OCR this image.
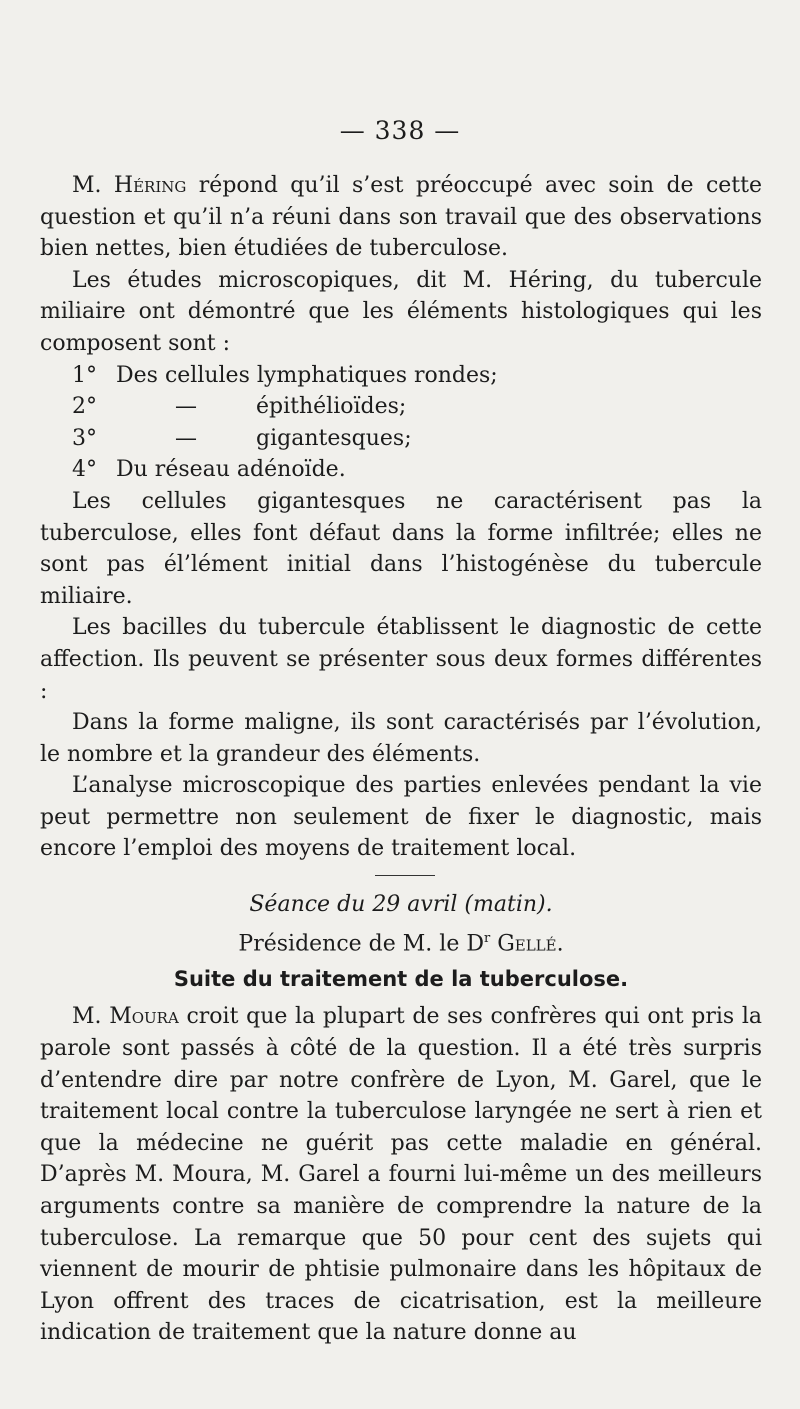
— 338 —

M. Héring répond qu’il s’est préoccupé avec soin de cette question et qu’il n’a réuni dans son travail que des observations bien nettes, bien étudiées de tuberculose.

Les études microscopiques, dit M. Héring, du tubercule miliaire ont démontré que les éléments histologiques qui les composent sont :

1° Des cellules lymphatiques rondes;
2°	—	épithélioïdes;
3°	—	gigantesques;
4° Du réseau adénoïde.

Les cellules gigantesques ne caractérisent pas la tuberculose, elles font défaut dans la forme infiltrée; elles ne sont pas él’lément initial dans l’histogénèse du tubercule miliaire.

Les bacilles du tubercule établissent le diagnostic de cette affection. Ils peuvent se présenter sous deux formes différentes :

Dans la forme maligne, ils sont caractérisés par l’évolution, le nombre et la grandeur des éléments.

L’analyse microscopique des parties enlevées pendant la vie peut permettre non seulement de fixer le diagnostic, mais encore l’emploi des moyens de traitement local.

Séance du 29 avril (matin).

Présidence de M. le $D^r$ Gellé.

Suite du traitement de la tuberculose.

M. Moura croit que la plupart de ses confrères qui ont pris la parole sont passés à côté de la question. Il a été très surpris d’entendre dire par notre confrère de Lyon, M. Garel, que le traitement local contre la tuberculose laryngée ne sert à rien et que la médecine ne guérit pas cette maladie en général. D’après M. Moura, M. Garel a fourni lui-même un des meilleurs arguments contre sa manière de comprendre la nature de la tuberculose. La remarque que 50 pour cent des sujets qui viennent de mourir de phtisie pulmonaire dans les hôpitaux de Lyon offrent des traces de cicatrisation, est la meilleure indication de traitement que la nature donne au
